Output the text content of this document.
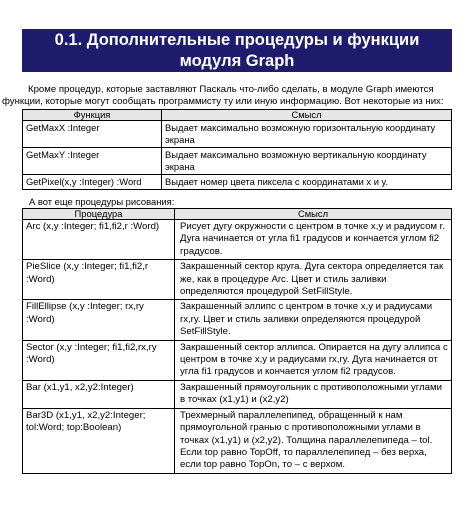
0.1. Дополнительные процедуры и функции
модуля Graph
Кроме процедур, которые заставляют Паскаль что-либо сделать, в модуле Graph имеются
функции, которые могут сообщать программисту ту или иную информацию. Вот некоторые из них:
Функция	Смысл
GetMaxX :Integer	Выдает максимально возможную горизонтальную координату экрана
GetMaxY :Integer	Выдает максимально возможную вертикальную координату экрана
GetPixel(x,y :Integer) :Word	Выдает номер цвета пиксела с координатами x и y.
А вот еще процедуры рисования:
Процедура	Смысл
Arc (x,y :Integer; fi1,fi2,r :Word)	Рисует дугу окружности с центром в точке x,y и радиусом r. Дуга начинается от угла fi1 градусов и кончается углом fi2 градусов.
PieSlice (x,y :Integer; fi1,fi2,r :Word)	Закрашенный сектор круга. Дуга сектора определяется так же, как в процедуре Arc. Цвет и стиль заливки определяются процедурой SetFillStyle.
FillEllipse (x,y :Integer; rx,ry :Word)	Закрашенный эллипс с центром в точке x,y и радиусами rx,ry. Цвет и стиль заливки определяются процедурой SetFillStyle.
Sector (x,y :Integer; fi1,fi2,rx,ry :Word)	Закрашенный сектор эллипса. Опирается на дугу эллипса с центром в точке x,y и радиусами rx,ry. Дуга начинается от угла fi1 градусов и кончается углом fi2 градусов.
Bar (x1,y1, x2,y2:Integer)	Закрашенный прямоугольник с противоположными углами в точках (x1,y1) и (x2,y2)
Bar3D (x1,y1, x2,y2:Integer; tol:Word; top:Boolean)	Трехмерный параллелепипед, обращенный к нам прямоугольной гранью с противоположными углами в точках (x1,y1) и (x2,y2). Толщина параллелепипеда – tol. Если top равно TopOff, то параллелепипед – без верха, если top равно TopOn, то – с верхом.
